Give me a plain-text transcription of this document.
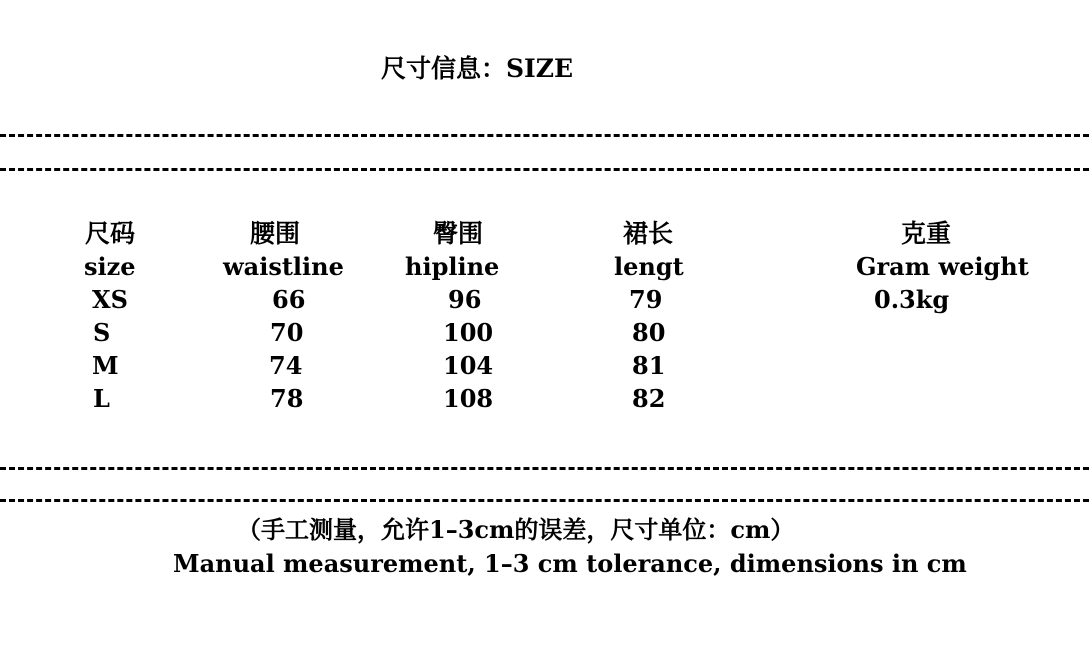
尺寸信息：SIZE
尺码	腰围	臀围	裙长	克重
size	waistline	hipline	lengt	Gram weight
XS	66	96	79	0.3kg
S	70	100	80
M	74	104	81
L	78	108	82
（手工测量，允许1–3cm的误差，尺寸单位：cm）
Manual measurement, 1–3 cm tolerance, dimensions in cm
